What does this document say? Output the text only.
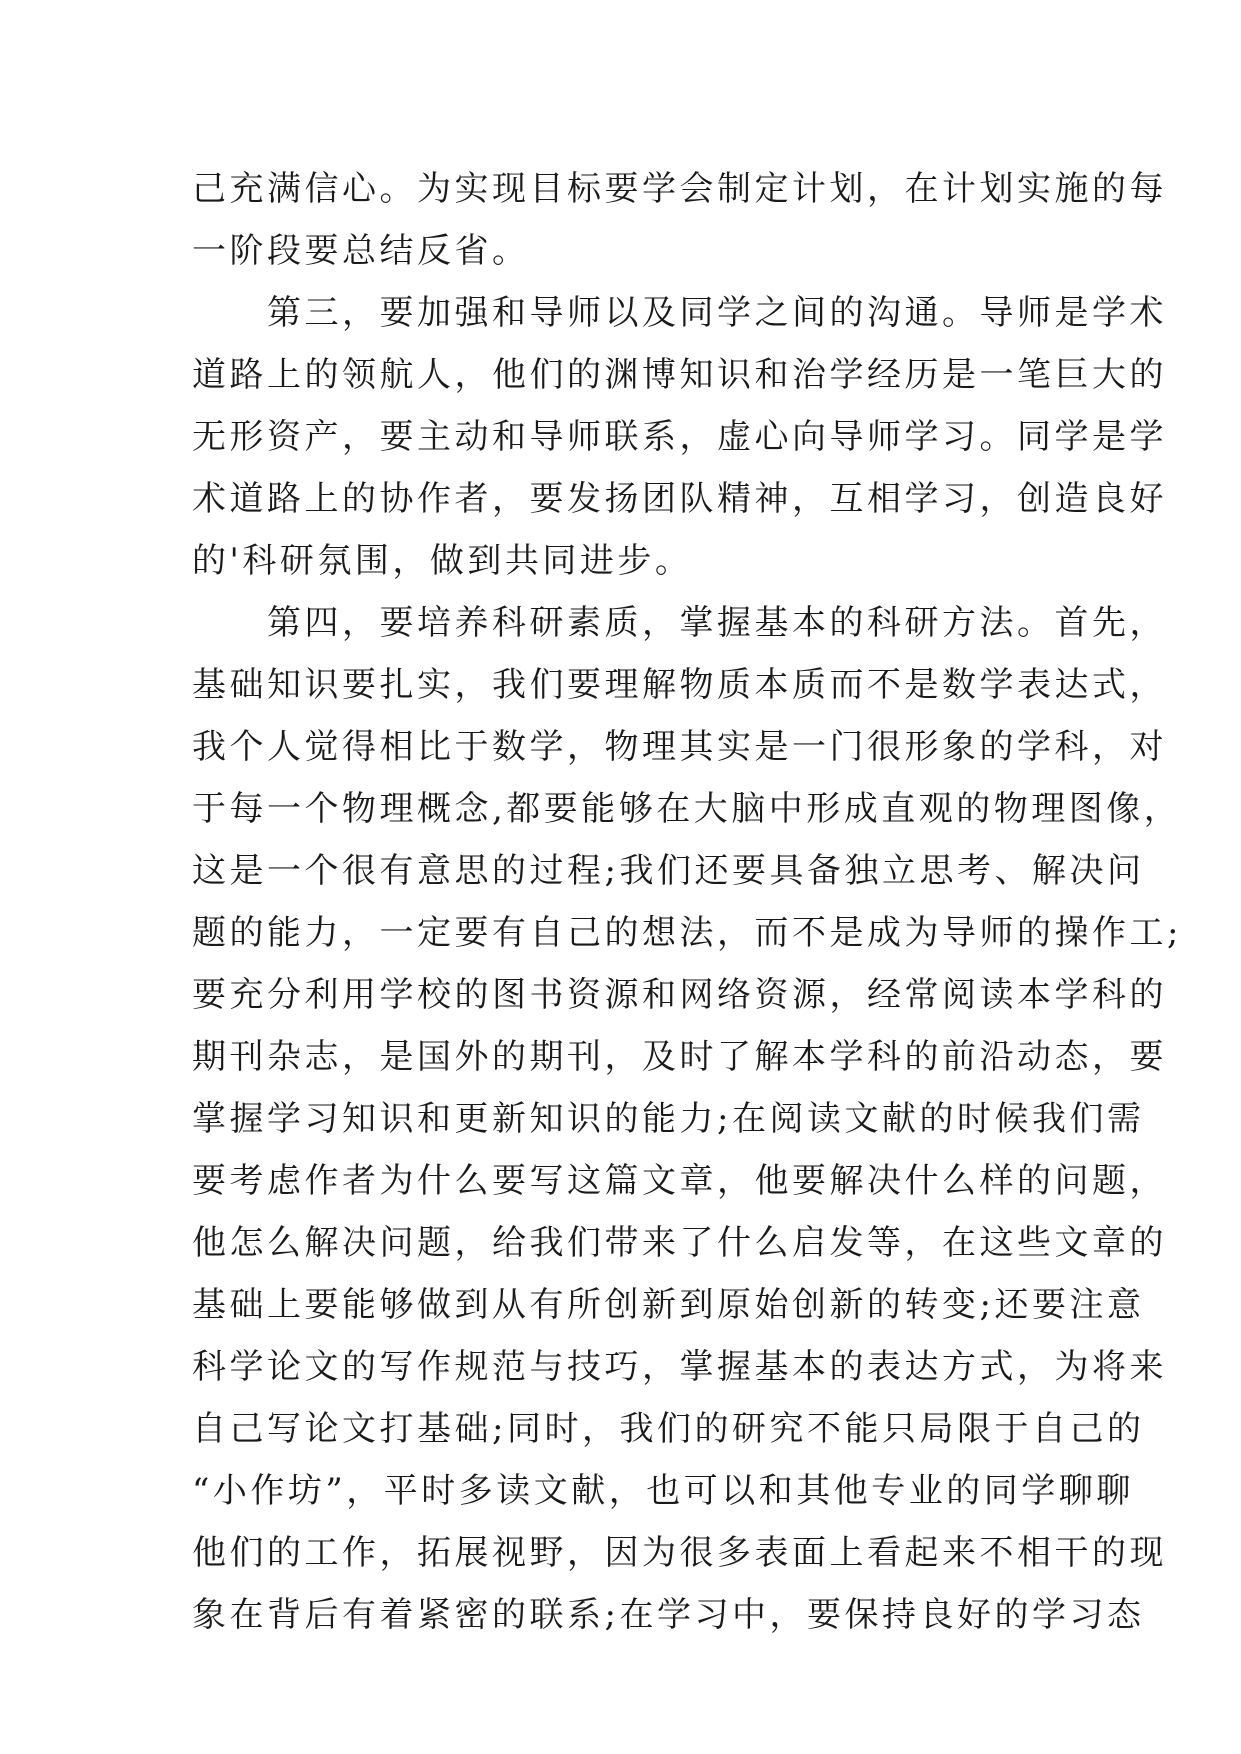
己充满信心。为实现目标要学会制定计划，在计划实施的每
一阶段要总结反省。
　　第三，要加强和导师以及同学之间的沟通。导师是学术
道路上的领航人，他们的渊博知识和治学经历是一笔巨大的
无形资产，要主动和导师联系，虚心向导师学习。同学是学
术道路上的协作者，要发扬团队精神，互相学习，创造良好
的'科研氛围，做到共同进步。
　　第四，要培养科研素质，掌握基本的科研方法。首先，
基础知识要扎实，我们要理解物质本质而不是数学表达式，
我个人觉得相比于数学，物理其实是一门很形象的学科，对
于每一个物理概念,都要能够在大脑中形成直观的物理图像，
这是一个很有意思的过程;我们还要具备独立思考、解决问
题的能力，一定要有自己的想法，而不是成为导师的操作工;
要充分利用学校的图书资源和网络资源，经常阅读本学科的
期刊杂志，是国外的期刊，及时了解本学科的前沿动态，要
掌握学习知识和更新知识的能力;在阅读文献的时候我们需
要考虑作者为什么要写这篇文章，他要解决什么样的问题，
他怎么解决问题，给我们带来了什么启发等，在这些文章的
基础上要能够做到从有所创新到原始创新的转变;还要注意
科学论文的写作规范与技巧，掌握基本的表达方式，为将来
自己写论文打基础;同时，我们的研究不能只局限于自己的
“小作坊”，平时多读文献，也可以和其他专业的同学聊聊
他们的工作，拓展视野，因为很多表面上看起来不相干的现
象在背后有着紧密的联系;在学习中，要保持良好的学习态
